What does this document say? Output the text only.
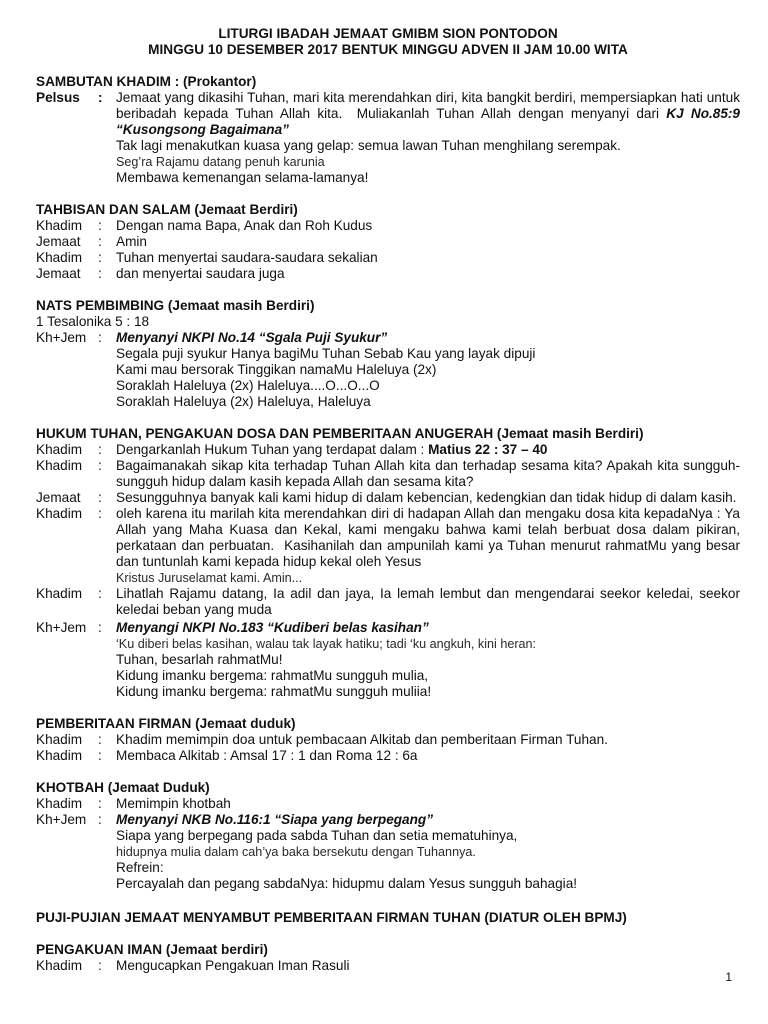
LITURGI IBADAH JEMAAT GMIBM SION PONTODON
MINGGU 10 DESEMBER 2017 BENTUK MINGGU ADVEN II JAM 10.00 WITA
SAMBUTAN KHADIM : (Prokantor)
Pelsus	: Jemaat yang dikasihi Tuhan, mari kita merendahkan diri, kita bangkit berdiri, mempersiapkan hati untuk beribadah kepada Tuhan Allah kita.  Muliakanlah Tuhan Allah dengan menyanyi dari KJ No.85:9 “Kusongsong Bagaimana”
Tak lagi menakutkan kuasa yang gelap: semua lawan Tuhan menghilang serempak.
Seg’ra Rajamu datang penuh karunia
Membawa kemenangan selama-lamanya!
TAHBISAN DAN SALAM (Jemaat Berdiri)
Khadim	:	Dengan nama Bapa, Anak dan Roh Kudus
Jemaat	:	Amin
Khadim	:	Tuhan menyertai saudara-saudara sekalian
Jemaat	:	dan menyertai saudara juga
NATS PEMBIMBING (Jemaat masih Berdiri)
1 Tesalonika 5 : 18
Kh+Jem :	Menyanyi NKPI No.14 “Sgala Puji Syukur”
Segala puji syukur Hanya bagiMu Tuhan Sebab Kau yang layak dipuji
Kami mau bersorak Tinggikan namaMu Haleluya (2x)
Soraklah Haleluya (2x) Haleluya....O...O...O
Soraklah Haleluya (2x) Haleluya, Haleluya
HUKUM TUHAN, PENGAKUAN DOSA DAN PEMBERITAAN ANUGERAH (Jemaat masih Berdiri)
Khadim	:	Dengarkanlah Hukum Tuhan yang terdapat dalam : Matius 22 : 37 – 40
Khadim	:	Bagaimanakah sikap kita terhadap Tuhan Allah kita dan terhadap sesama kita? Apakah kita sungguh-sungguh hidup dalam kasih kepada Allah dan sesama kita?
Jemaat	:	Sesungguhnya banyak kali kami hidup di dalam kebencian, kedengkian dan tidak hidup di dalam kasih.
Khadim	:	oleh karena itu marilah kita merendahkan diri di hadapan Allah dan mengaku dosa kita kepadaNya : Ya Allah yang Maha Kuasa dan Kekal, kami mengaku bahwa kami telah berbuat dosa dalam pikiran, perkataan dan perbuatan.  Kasihanilah dan ampunilah kami ya Tuhan menurut rahmatMu yang besar dan tuntunlah kami kepada hidup kekal oleh Yesus
Kristus Juruselamat kami. Amin...
Khadim	:	Lihatlah Rajamu datang, Ia adil dan jaya, Ia lemah lembut dan mengendarai seekor keledai, seekor keledai beban yang muda
Kh+Jem :	Menyangi NKPI No.183 “Kudiberi belas kasihan”
‘Ku diberi belas kasihan, walau tak layak hatiku; tadi ‘ku angkuh, kini heran:
Tuhan, besarlah rahmatMu!
Kidung imanku bergema: rahmatMu sungguh mulia,
Kidung imanku bergema: rahmatMu sungguh muliia!
PEMBERITAAN FIRMAN (Jemaat duduk)
Khadim	:	Khadim memimpin doa untuk pembacaan Alkitab dan pemberitaan Firman Tuhan.
Khadim	:	Membaca Alkitab : Amsal 17 : 1 dan Roma 12 : 6a
KHOTBAH (Jemaat Duduk)
Khadim	:	Memimpin khotbah
Kh+Jem :	Menyanyi NKB No.116:1 “Siapa yang berpegang”
Siapa yang berpegang pada sabda Tuhan dan setia mematuhinya,
hidupnya mulia dalam cah’ya baka bersekutu dengan Tuhannya.
Refrein:
Percayalah dan pegang sabdaNya: hidupmu dalam Yesus sungguh bahagia!
PUJI-PUJIAN JEMAAT MENYAMBUT PEMBERITAAN FIRMAN TUHAN (DIATUR OLEH BPMJ)
PENGAKUAN IMAN (Jemaat berdiri)
Khadim	:	Mengucapkan Pengakuan Iman Rasuli
1
